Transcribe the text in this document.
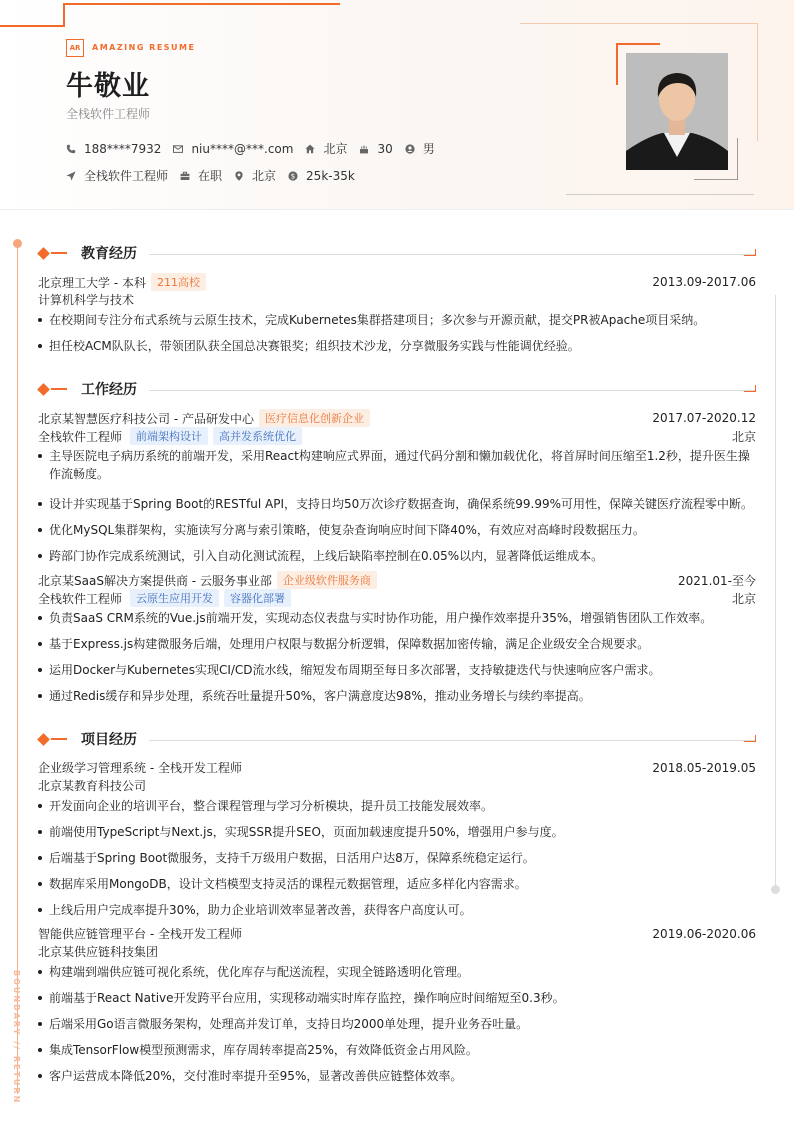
AR	AMAZING RESUME
牛敬业
全栈软件工程师
188****7932	niu****@***.com	北京	30	男
全栈软件工程师	在职	北京 $ 25k-35k
BOUNDARY // RETURN
教育经历
北京理工大学 - 本科	211高校	2013.09-2017.06
计算机科学与技术
在校期间专注分布式系统与云原生技术，完成Kubernetes集群搭建项目；多次参与开源贡献，提交PR被Apache项目采纳。
担任校ACM队队长，带领团队获全国总决赛银奖；组织技术沙龙，分享微服务实践与性能调优经验。
工作经历
北京某智慧医疗科技公司 - 产品研发中心	医疗信息化创新企业	2017.07-2020.12
全栈软件工程师	前端架构设计	高并发系统优化	北京
主导医院电子病历系统的前端开发，采用React构建响应式界面，通过代码分割和懒加载优化，将首屏时间压缩至1.2秒，提升医生操作流畅度。
设计并实现基于Spring Boot的RESTful API，支持日均50万次诊疗数据查询，确保系统99.99%可用性，保障关键医疗流程零中断。
优化MySQL集群架构，实施读写分离与索引策略，使复杂查询响应时间下降40%，有效应对高峰时段数据压力。
跨部门协作完成系统测试，引入自动化测试流程，上线后缺陷率控制在0.05%以内，显著降低运维成本。
北京某SaaS解决方案提供商 - 云服务事业部	企业级软件服务商	2021.01-至今
全栈软件工程师	云原生应用开发	容器化部署	北京
负责SaaS CRM系统的Vue.js前端开发，实现动态仪表盘与实时协作功能，用户操作效率提升35%，增强销售团队工作效率。
基于Express.js构建微服务后端，处理用户权限与数据分析逻辑，保障数据加密传输，满足企业级安全合规要求。
运用Docker与Kubernetes实现CI/CD流水线，缩短发布周期至每日多次部署，支持敏捷迭代与快速响应客户需求。
通过Redis缓存和异步处理，系统吞吐量提升50%，客户满意度达98%，推动业务增长与续约率提高。
项目经历
企业级学习管理系统 - 全栈开发工程师	2018.05-2019.05
北京某教育科技公司
开发面向企业的培训平台，整合课程管理与学习分析模块，提升员工技能发展效率。
前端使用TypeScript与Next.js，实现SSR提升SEO，页面加载速度提升50%，增强用户参与度。
后端基于Spring Boot微服务，支持千万级用户数据，日活用户达8万，保障系统稳定运行。
数据库采用MongoDB，设计文档模型支持灵活的课程元数据管理，适应多样化内容需求。
上线后用户完成率提升30%，助力企业培训效率显著改善，获得客户高度认可。
智能供应链管理平台 - 全栈开发工程师	2019.06-2020.06
北京某供应链科技集团
构建端到端供应链可视化系统，优化库存与配送流程，实现全链路透明化管理。
前端基于React Native开发跨平台应用，实现移动端实时库存监控，操作响应时间缩短至0.3秒。
后端采用Go语言微服务架构，处理高并发订单，支持日均2000单处理，提升业务吞吐量。
集成TensorFlow模型预测需求，库存周转率提高25%，有效降低资金占用风险。
客户运营成本降低20%，交付准时率提升至95%，显著改善供应链整体效率。
